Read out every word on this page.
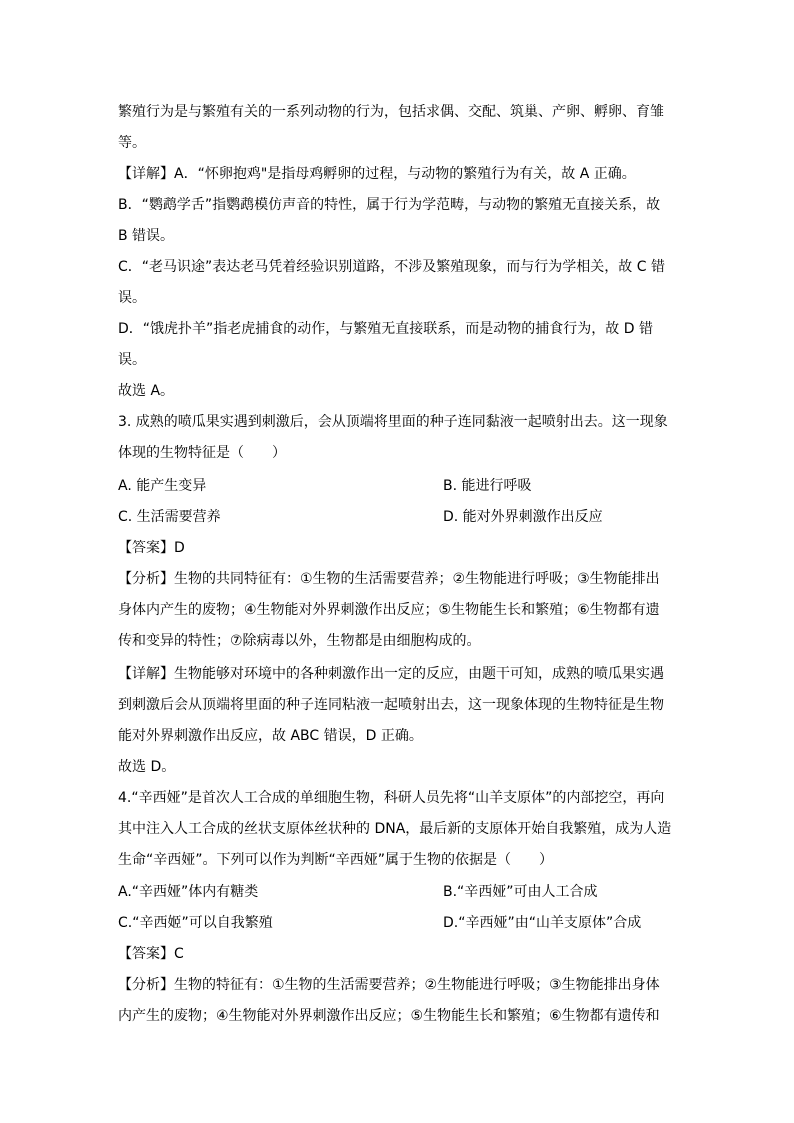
繁殖行为是与繁殖有关的一系列动物的行为，包括求偶、交配、筑巢、产卵、孵卵、育雏
等。
【详解】A．“怀卵抱鸡"是指母鸡孵卵的过程，与动物的繁殖行为有关，故 A 正确。
B．“鹦鹉学舌”指鹦鹉模仿声音的特性，属于行为学范畴，与动物的繁殖无直接关系，故
B 错误。
C．“老马识途”表达老马凭着经验识别道路，不涉及繁殖现象，而与行为学相关，故 C 错
误。
D．“饿虎扑羊”指老虎捕食的动作，与繁殖无直接联系，而是动物的捕食行为，故 D 错
误。
故选 A。
3. 成熟的喷瓜果实遇到刺激后，会从顶端将里面的种子连同黏液一起喷射出去。这一现象
体现的生物特征是（　　）
A. 能产生变异	B. 能进行呼吸
C. 生活需要营养	D. 能对外界刺激作出反应
【答案】D
【分析】生物的共同特征有：①生物的生活需要营养；②生物能进行呼吸；③生物能排出
身体内产生的废物；④生物能对外界刺激作出反应；⑤生物能生长和繁殖；⑥生物都有遗
传和变异的特性；⑦除病毒以外，生物都是由细胞构成的。
【详解】生物能够对环境中的各种刺激作出一定的反应，由题干可知，成熟的喷瓜果实遇
到刺激后会从顶端将里面的种子连同粘液一起喷射出去，这一现象体现的生物特征是生物
能对外界刺激作出反应，故 ABC 错误，D 正确。
故选 D。
4.“辛西娅”是首次人工合成的单细胞生物，科研人员先将“山羊支原体”的内部挖空，再向
其中注入人工合成的丝状支原体丝状种的 DNA，最后新的支原体开始自我繁殖，成为人造
生命“辛西娅”。下列可以作为判断“辛西娅”属于生物的依据是（　　）
A.“辛西娅”体内有糖类	B.“辛西娅”可由人工合成
C.“辛西姬”可以自我繁殖	D.“辛西娅”由“山羊支原体”合成
【答案】C
【分析】生物的特征有：①生物的生活需要营养；②生物能进行呼吸；③生物能排出身体
内产生的废物；④生物能对外界刺激作出反应；⑤生物能生长和繁殖；⑥生物都有遗传和
